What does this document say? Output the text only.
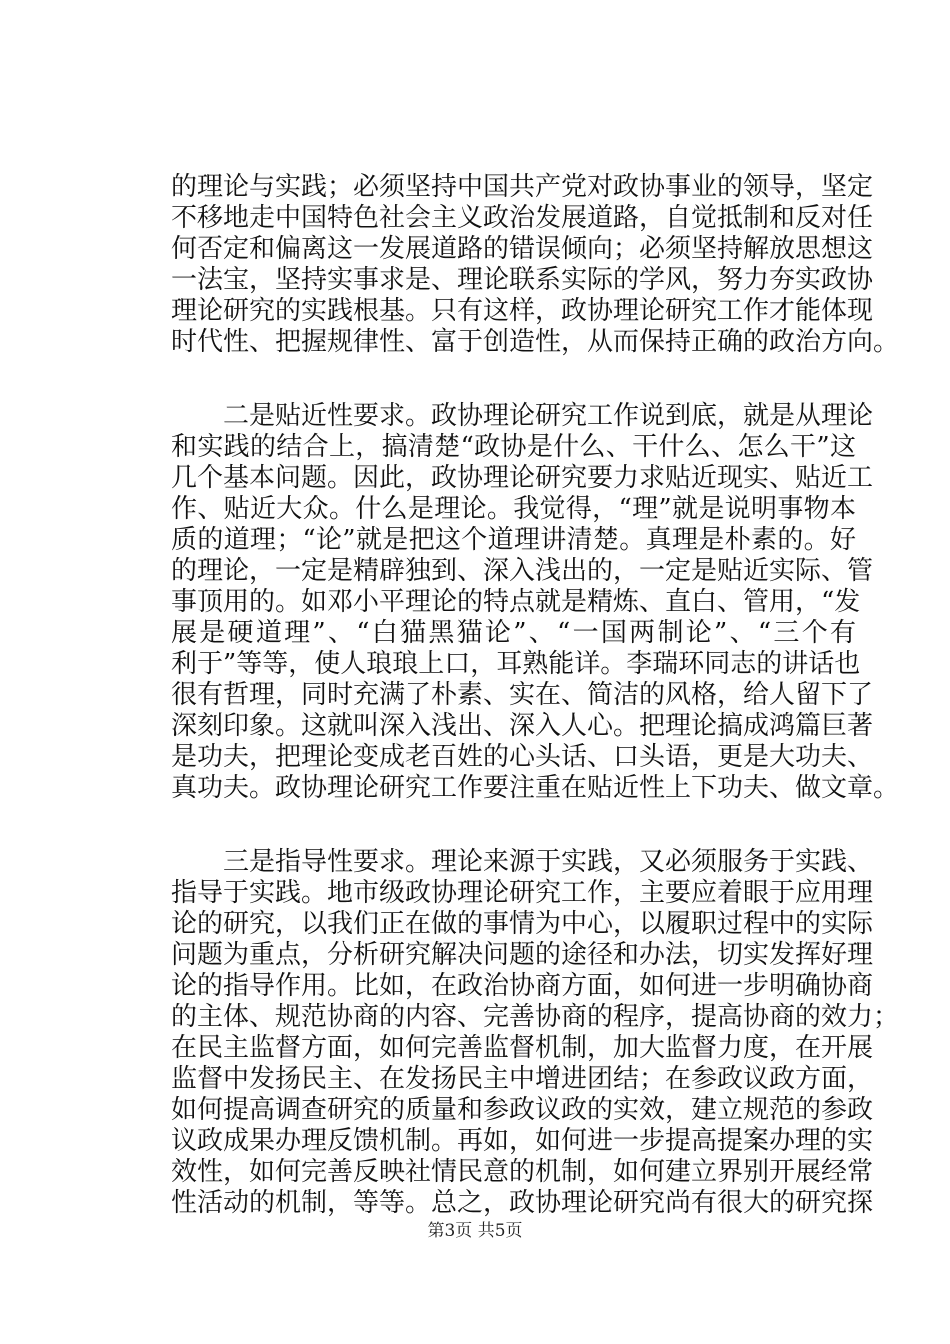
的理论与实践；必须坚持中国共产党对政协事业的领导，坚定
不移地走中国特色社会主义政治发展道路，自觉抵制和反对任
何否定和偏离这一发展道路的错误倾向；必须坚持解放思想这
一法宝，坚持实事求是、理论联系实际的学风，努力夯实政协
理论研究的实践根基。只有这样，政协理论研究工作才能体现
时代性、把握规律性、富于创造性，从而保持正确的政治方向。
　　二是贴近性要求。政协理论研究工作说到底，就是从理论
和实践的结合上，搞清楚“政协是什么、干什么、怎么干”这
几个基本问题。因此，政协理论研究要力求贴近现实、贴近工
作、贴近大众。什么是理论。我觉得，“理”就是说明事物本
质的道理；“论”就是把这个道理讲清楚。真理是朴素的。好
的理论，一定是精辟独到、深入浅出的，一定是贴近实际、管
事顶用的。如邓小平理论的特点就是精炼、直白、管用，“发
展是硬道理”、“白猫黑猫论”、“一国两制论”、“三个有
利于”等等，使人琅琅上口，耳熟能详。李瑞环同志的讲话也
很有哲理，同时充满了朴素、实在、简洁的风格，给人留下了
深刻印象。这就叫深入浅出、深入人心。把理论搞成鸿篇巨著
是功夫，把理论变成老百姓的心头话、口头语，更是大功夫、
真功夫。政协理论研究工作要注重在贴近性上下功夫、做文章。
　　三是指导性要求。理论来源于实践，又必须服务于实践、
指导于实践。地市级政协理论研究工作，主要应着眼于应用理
论的研究，以我们正在做的事情为中心，以履职过程中的实际
问题为重点，分析研究解决问题的途径和办法，切实发挥好理
论的指导作用。比如，在政治协商方面，如何进一步明确协商
的主体、规范协商的内容、完善协商的程序，提高协商的效力；
在民主监督方面，如何完善监督机制，加大监督力度，在开展
监督中发扬民主、在发扬民主中增进团结；在参政议政方面，
如何提高调查研究的质量和参政议政的实效，建立规范的参政
议政成果办理反馈机制。再如，如何进一步提高提案办理的实
效性，如何完善反映社情民意的机制，如何建立界别开展经常
性活动的机制，等等。总之，政协理论研究尚有很大的研究探
第3页 共5页
